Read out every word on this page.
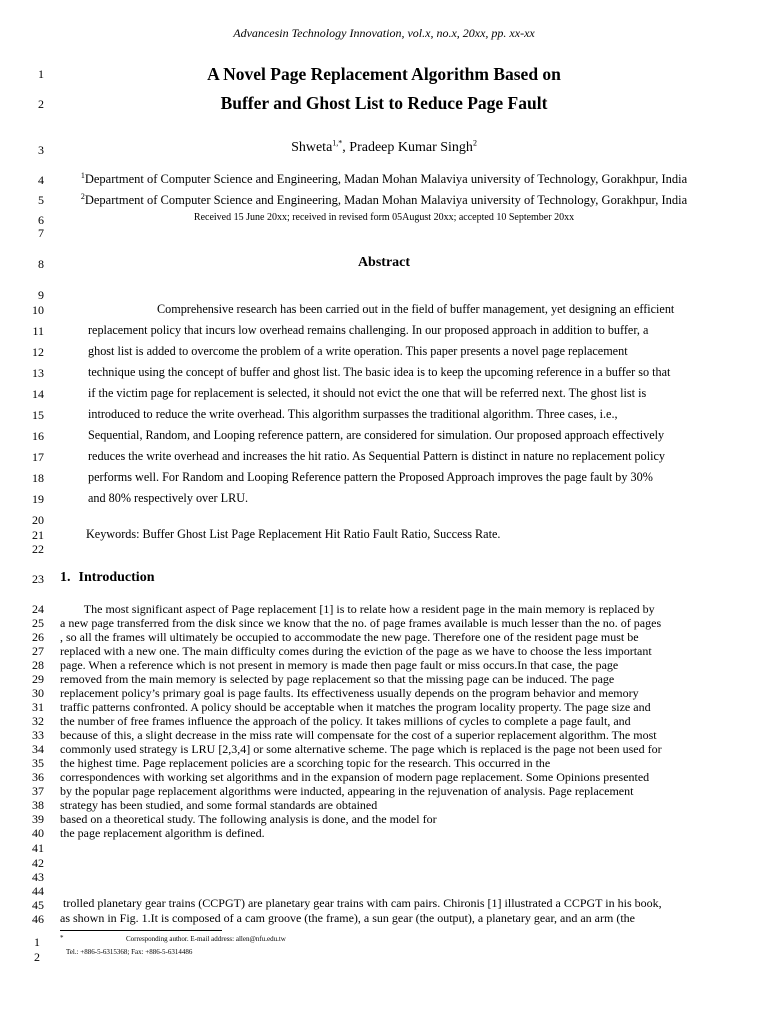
Advancesin Technology Innovation, vol.x, no.x, 20xx, pp. xx-xx
A Novel Page Replacement Algorithm Based on
Buffer and Ghost List to Reduce Page Fault
Shweta$^{1,*}$, Pradeep Kumar Singh$^2$
$^1$Department of Computer Science and Engineering, Madan Mohan Malaviya university of Technology, Gorakhpur, India
$^2$Department of Computer Science and Engineering, Madan Mohan Malaviya university of Technology, Gorakhpur, India
Received 15 June 20xx; received in revised form 05August 20xx; accepted 10 September 20xx
Abstract
Comprehensive research has been carried out in the field of buffer management, yet designing an efficient
replacement policy that incurs low overhead remains challenging. In our proposed approach in addition to buffer, a
ghost list is added to overcome the problem of a write operation. This paper presents a novel page replacement
technique using the concept of buffer and ghost list. The basic idea is to keep the upcoming reference in a buffer so that
if the victim page for replacement is selected, it should not evict the one that will be referred next. The ghost list is
introduced to reduce the write overhead. This algorithm surpasses the traditional algorithm. Three cases, i.e.,
Sequential, Random, and Looping reference pattern, are considered for simulation. Our proposed approach effectively
reduces the write overhead and increases the hit ratio. As Sequential Pattern is distinct in nature no replacement policy
performs well. For Random and Looping Reference pattern the Proposed Approach improves the page fault by 30%
and 80% respectively over LRU.
Keywords: Buffer Ghost List Page Replacement Hit Ratio Fault Ratio, Success Rate.
1. Introduction
The most significant aspect of Page replacement [1] is to relate how a resident page in the main memory is replaced by
a new page transferred from the disk since we know that the no. of page frames available is much lesser than the no. of pages
, so all the frames will ultimately be occupied to accommodate the new page. Therefore one of the resident page must be
replaced with a new one. The main difficulty comes during the eviction of the page as we have to choose the less important
page. When a reference which is not present in memory is made then page fault or miss occurs.In that case, the page
removed from the main memory is selected by page replacement so that the missing page can be induced. The page
replacement policy’s primary goal is page faults. Its effectiveness usually depends on the program behavior and memory
traffic patterns confronted. A policy should be acceptable when it matches the program locality property. The page size and
the number of free frames influence the approach of the policy. It takes millions of cycles to complete a page fault, and
because of this, a slight decrease in the miss rate will compensate for the cost of a superior replacement algorithm. The most
commonly used strategy is LRU [2,3,4] or some alternative scheme. The page which is replaced is the page not been used for
the highest time. Page replacement policies are a scorching topic for the research. This occurred in the
correspondences with working set algorithms and in the expansion of modern page replacement. Some Opinions presented
by the popular page replacement algorithms were inducted, appearing in the rejuvenation of analysis. Page replacement
strategy has been studied, and some formal standards are obtained
based on a theoretical study. The following analysis is done, and the model for
the page replacement algorithm is defined.
trolled planetary gear trains (CCPGT) are planetary gear trains with cam pairs. Chironis [1] illustrated a CCPGT in his book,
as shown in Fig. 1.It is composed of a cam groove (the frame), a sun gear (the output), a planetary gear, and an arm (the
*	Corresponding author. E-mail address: allen@nfu.edu.tw
Tel.: +886-5-6315368; Fax: +886-5-6314486
1
2
3
4
5
6
7
8
9
10
11
12
13
14
15
16
17
18
19
20
21
22
23
24
25
26
27
28
29
30
31
32
33
34
35
36
37
38
39
40
41
42
43
44
45
46
1
2
